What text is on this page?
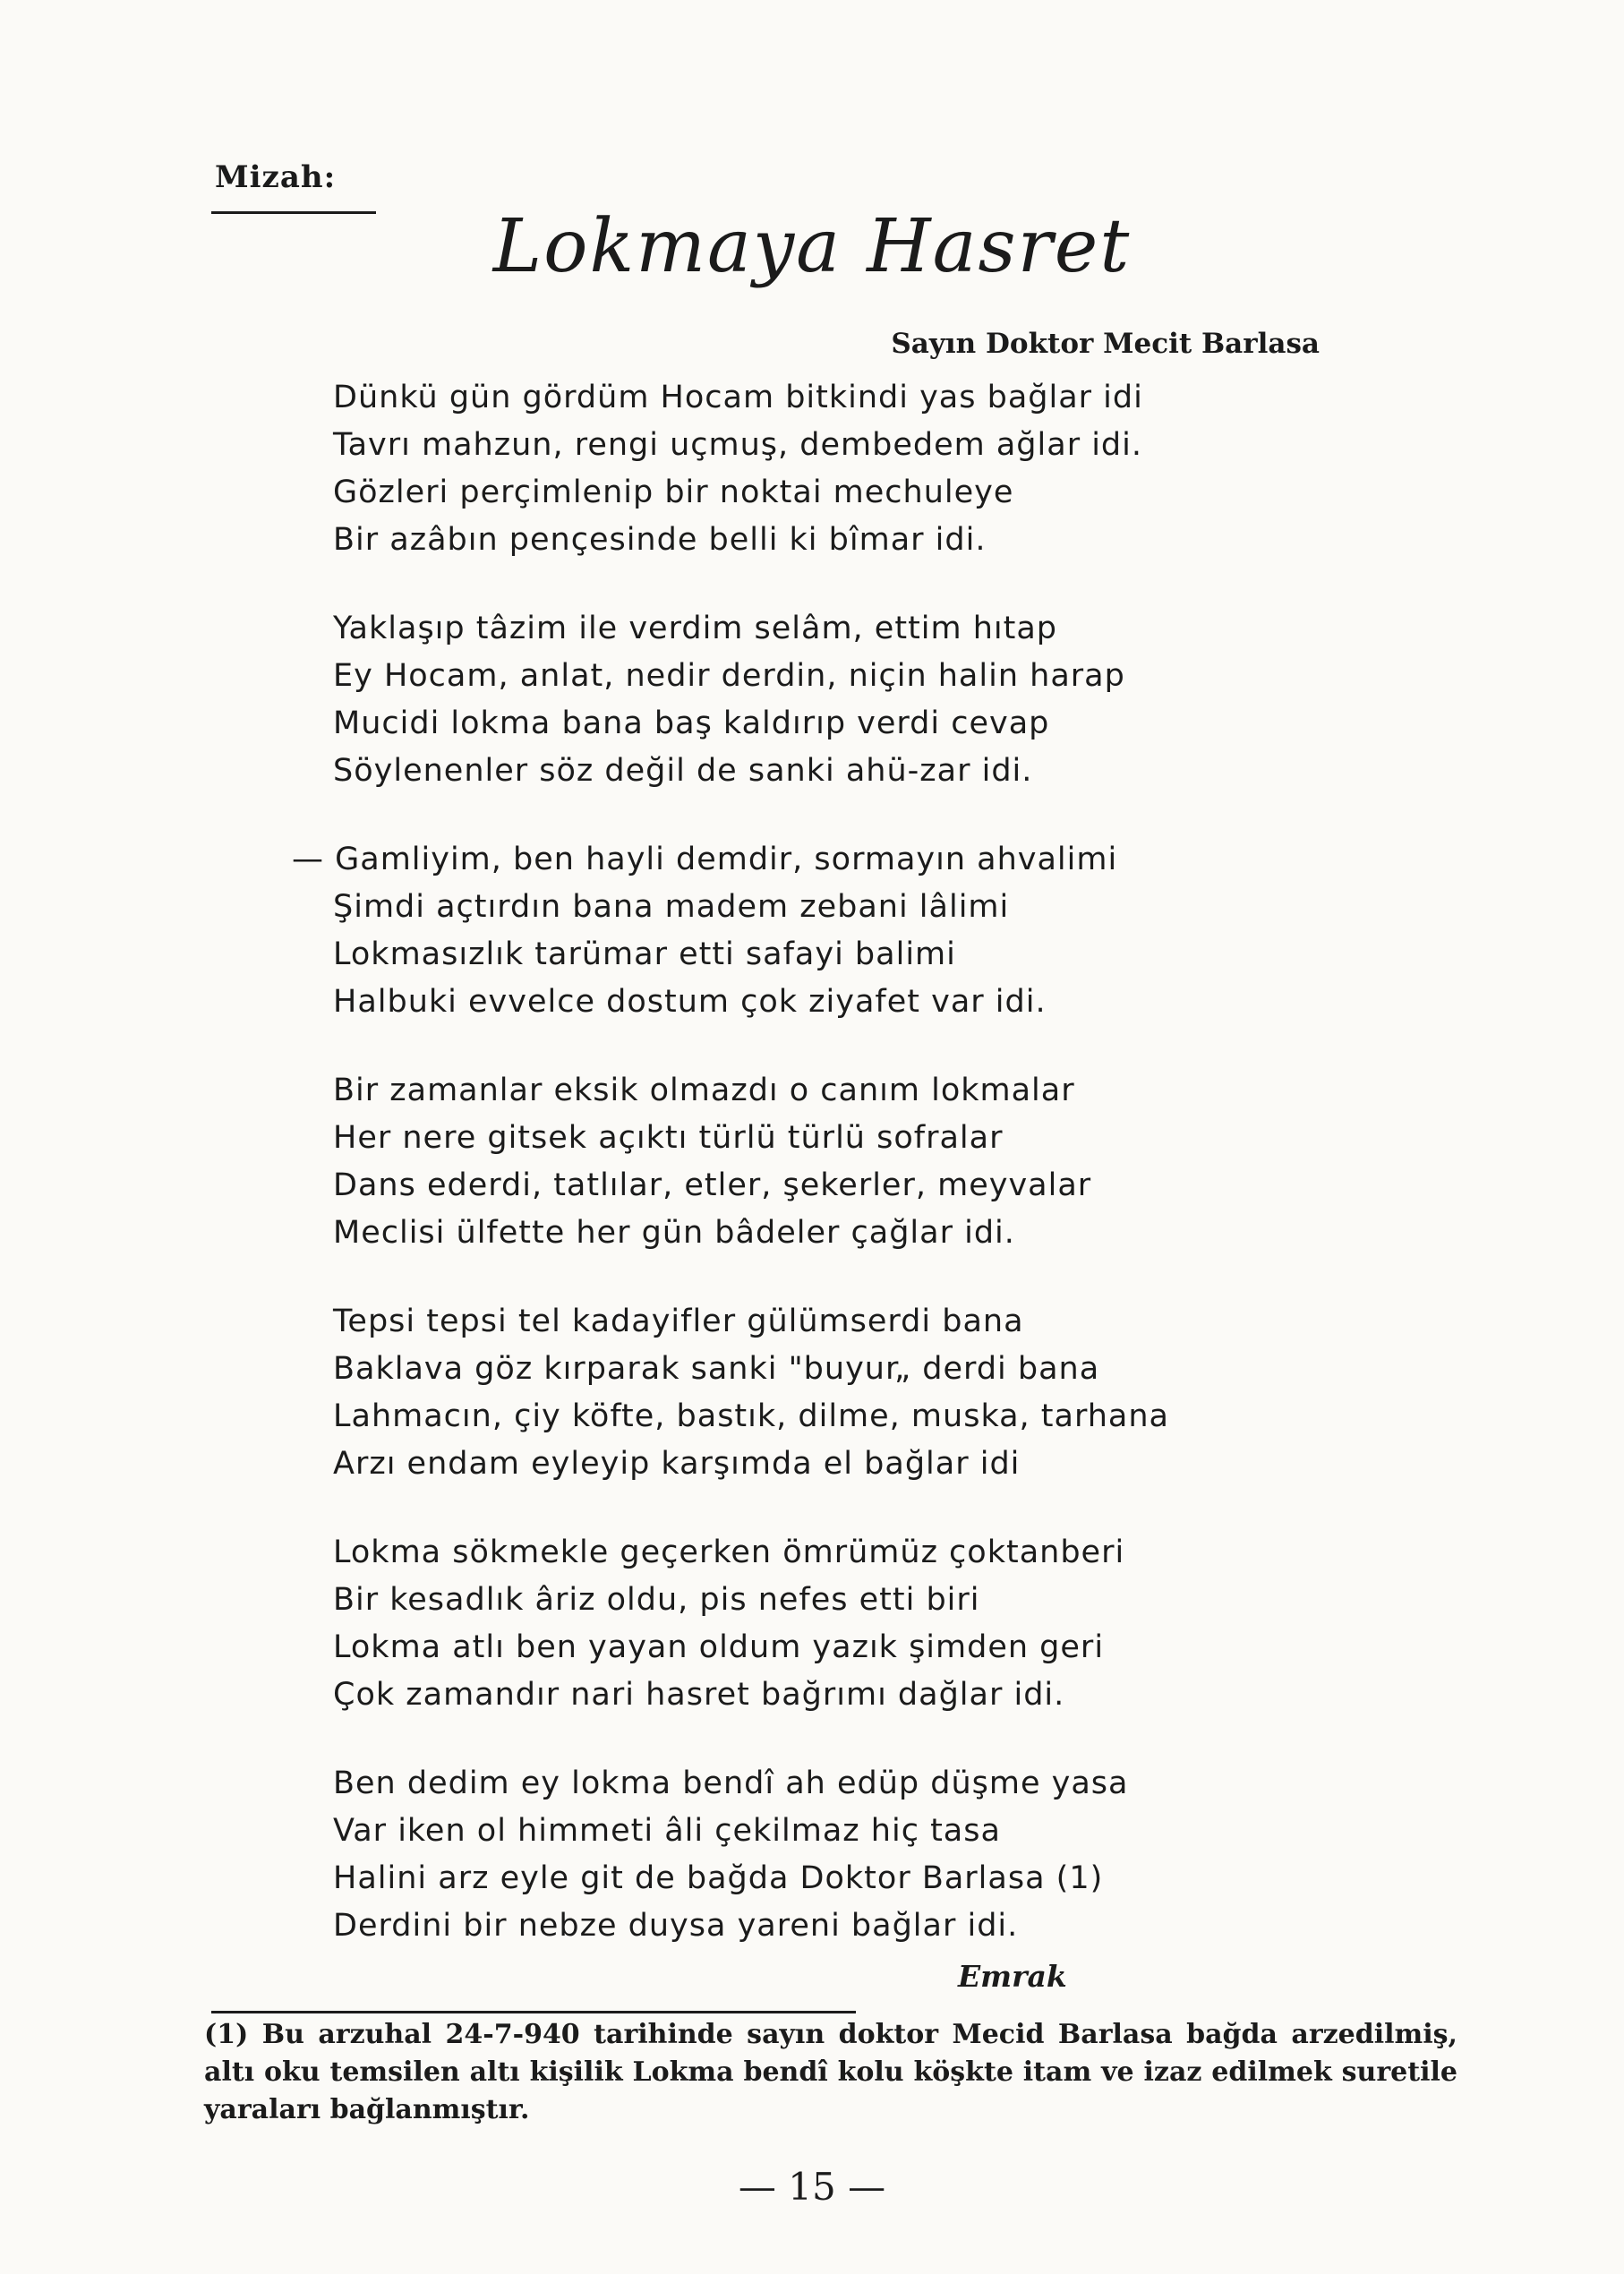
Mizah:
Lokmaya Hasret
Sayın Doktor Mecit Barlasa
Dünkü gün gördüm Hocam bitkindi yas bağlar idi
Tavrı mahzun, rengi uçmuş, dembedem ağlar idi.
Gözleri perçimlenip bir noktai mechuleye
Bir azâbın pençesinde belli ki bîmar idi.
Yaklaşıp tâzim ile verdim selâm, ettim hıtap
Ey Hocam, anlat, nedir derdin, niçin halin harap
Mucidi lokma bana baş kaldırıp verdi cevap
Söylenenler söz değil de sanki ahü-zar idi.
— Gamliyim, ben hayli demdir, sormayın ahvalimi
Şimdi açtırdın bana madem zebani lâlimi
Lokmasızlık tarümar etti safayi balimi
Halbuki evvelce dostum çok ziyafet var idi.
Bir zamanlar eksik olmazdı o canım lokmalar
Her nere gitsek açıktı türlü türlü sofralar
Dans ederdi, tatlılar, etler, şekerler, meyvalar
Meclisi ülfette her gün bâdeler çağlar idi.
Tepsi tepsi tel kadayifler gülümserdi bana
Baklava göz kırparak sanki "buyur„ derdi bana
Lahmacın, çiy köfte, bastık, dilme, muska, tarhana
Arzı endam eyleyip karşımda el bağlar idi
Lokma sökmekle geçerken ömrümüz çoktanberi
Bir kesadlık âriz oldu, pis nefes etti biri
Lokma atlı ben yayan oldum yazık şimden geri
Çok zamandır nari hasret bağrımı dağlar idi.
Ben dedim ey lokma bendî ah edüp düşme yasa
Var iken ol himmeti âli çekilmaz hiç tasa
Halini arz eyle git de bağda Doktor Barlasa (1)
Derdini bir nebze duysa yareni bağlar idi.
Emrak
(1) Bu arzuhal 24-7-940 tarihinde sayın doktor Mecid Barlasa bağda arzedilmiş, altı oku temsilen altı kişilik Lokma bendî kolu köşkte itam ve izaz edilmek suretile yaraları bağlanmıştır.
— 15 —
